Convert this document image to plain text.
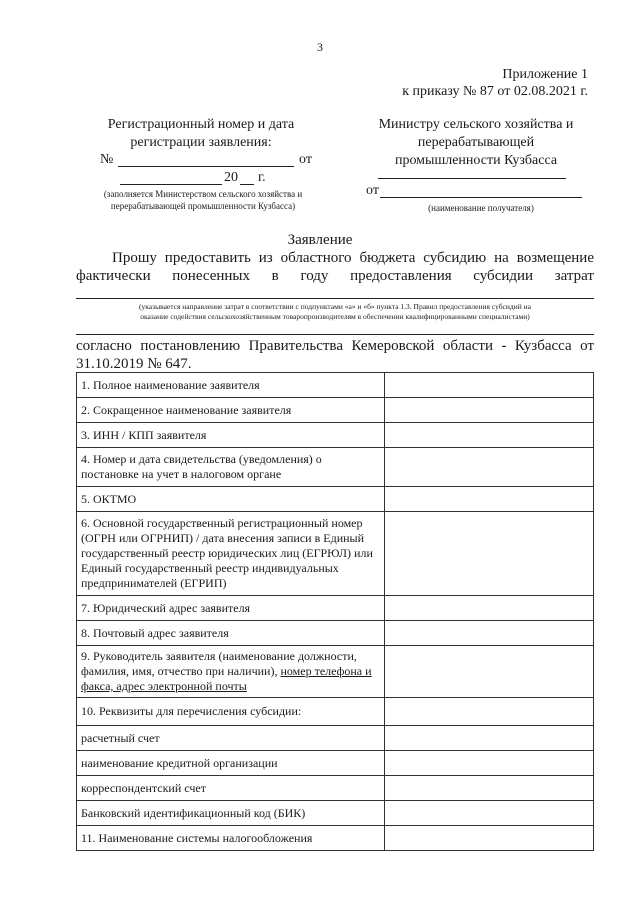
3
Приложение 1
к приказу № 87 от 02.08.2021 г.
Регистрационный номер и дата
регистрации заявления:
№	от
20 г.
(заполняется Министерством сельского хозяйства и
перерабатывающей промышленности Кузбасса)
Министру сельского хозяйства и
перерабатывающей
промышленности Кузбасса
от
(наименование получателя)
Заявление
Прошу предоставить из областного бюджета субсидию на возмещение
фактически понесенных в году предоставления субсидии затрат
(указывается направление затрат в соответствии с подпунктами «а» и «б» пункта 1.3. Правил предоставления субсидий на
оказание содействия сельскохозяйственным товаропроизводителям в обеспечении квалифицированными специалистами)
согласно постановлению Правительства Кемеровской области - Кузбасса от
31.10.2019 № 647.
1. Полное наименование заявителя	
2. Сокращенное наименование заявителя	
3. ИНН / КПП заявителя	
4. Номер и дата свидетельства (уведомления) о постановке на учет в налоговом органе	
5. ОКТМО	
6. Основной государственный регистрационный номер (ОГРН или ОГРНИП) / дата внесения записи в Единый государственный реестр юридических лиц (ЕГРЮЛ) или Единый государственный реестр индивидуальных предпринимателей (ЕГРИП)	
7. Юридический адрес заявителя	
8. Почтовый адрес заявителя	
9. Руководитель заявителя (наименование должности, фамилия, имя, отчество при наличии), номер телефона и факса, адрес электронной почты	
10. Реквизиты для перечисления субсидии:	
расчетный счет	
наименование кредитной организации	
корреспондентский счет	
Банковский идентификационный код (БИК)	
11. Наименование системы налогообложения	
